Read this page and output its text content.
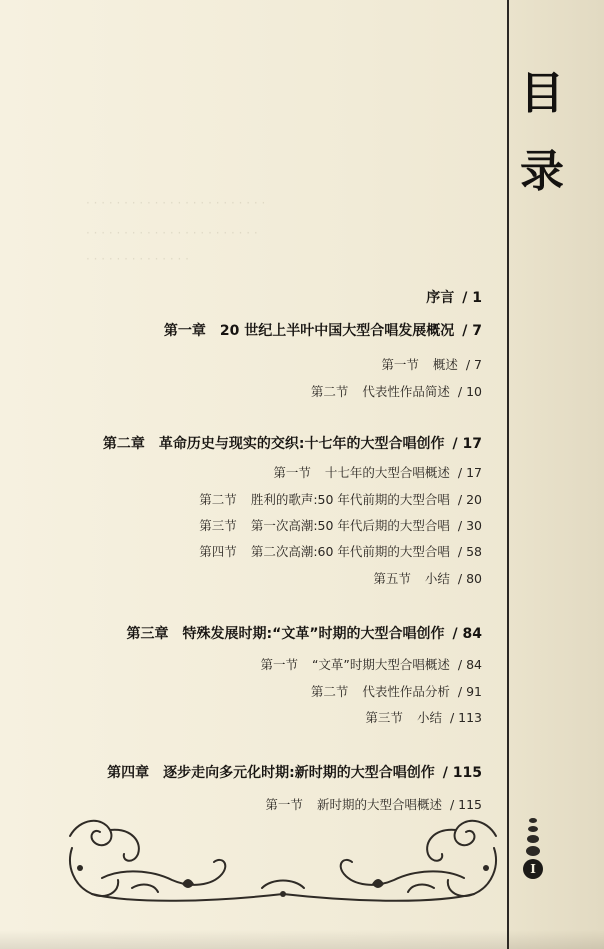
· · · · · · · · · · · · · · · · · · · · · · · ·
· · · · · · · · · · · · · · · · · · · · · · ·
· · · · · · · · · · · · · ·
目
录
序言 / 1
第一章 20 世纪上半叶中国大型合唱发展概况 / 7
第一节 概述 / 7
第二节 代表性作品简述 / 10
第二章 革命历史与现实的交织:十七年的大型合唱创作 / 17
第一节 十七年的大型合唱概述 / 17
第二节 胜利的歌声:50 年代前期的大型合唱 / 20
第三节 第一次高潮:50 年代后期的大型合唱 / 30
第四节 第二次高潮:60 年代前期的大型合唱 / 58
第五节 小结 / 80
第三章 特殊发展时期:“文革”时期的大型合唱创作 / 84
第一节 “文革”时期大型合唱概述 / 84
第二节 代表性作品分析 / 91
第三节 小结 / 113
第四章 逐步走向多元化时期:新时期的大型合唱创作 / 115
第一节 新时期的大型合唱概述 / 115
I
